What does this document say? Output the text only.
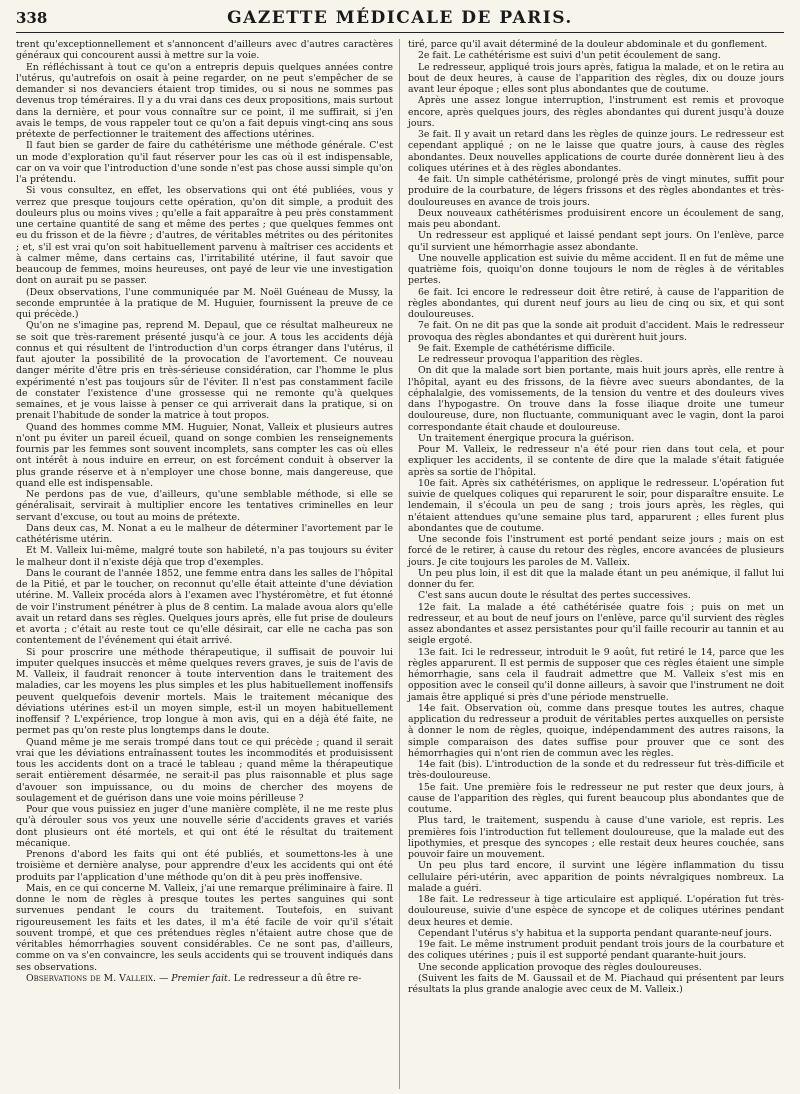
338	GAZETTE MÉDICALE DE PARIS.

trent qu'exceptionnellement et s'annoncent d'ailleurs avec d'autres caractères généraux qui concourent aussi à mettre sur la voie.

En réfléchissant à tout ce qu'on a entrepris depuis quelques années contre l'utérus, qu'autrefois on osait à peine regarder, on ne peut s'empêcher de se demander si nos devanciers étaient trop timides, ou si nous ne sommes pas devenus trop téméraires. Il y a du vrai dans ces deux propositions, mais surtout dans la dernière, et pour vous connaître sur ce point, il me suffirait, si j'en avais le temps, de vous rappeler tout ce qu'on a fait depuis vingt-cinq ans sous prétexte de perfectionner le traitement des affections utérines.

Il faut bien se garder de faire du cathétérisme une méthode générale. C'est un mode d'exploration qu'il faut réserver pour les cas où il est indispensable, car on va voir que l'introduction d'une sonde n'est pas chose aussi simple qu'on l'a prétendu.

Si vous consultez, en effet, les observations qui ont été publiées, vous y verrez que presque toujours cette opération, qu'on dit simple, a produit des douleurs plus ou moins vives ; qu'elle a fait apparaître à peu près constamment une certaine quantité de sang et même des pertes ; que quelques femmes ont eu du frisson et de la fièvre ; d'autres, de véritables métrites ou des péritonites ; et, s'il est vrai qu'on soit habituellement parvenu à maîtriser ces accidents et à calmer même, dans certains cas, l'irritabilité utérine, il faut savoir que beaucoup de femmes, moins heureuses, ont payé de leur vie une investigation dont on aurait pu se passer.

(Deux observations, l'une communiquée par M. Noël Guéneau de Mussy, la seconde empruntée à la pratique de M. Huguier, fournissent la preuve de ce qui précède.)

Qu'on ne s'imagine pas, reprend M. Depaul, que ce résultat malheureux ne se soit que très-rarement présenté jusqu'à ce jour. A tous les accidents déjà connus et qui résultent de l'introduction d'un corps étranger dans l'utérus, il faut ajouter la possibilité de la provocation de l'avortement. Ce nouveau danger mérite d'être pris en très-sérieuse considération, car l'homme le plus expérimenté n'est pas toujours sûr de l'éviter. Il n'est pas constamment facile de constater l'existence d'une grossesse qui ne remonte qu'à quelques semaines, et je vous laisse à penser ce qui arriverait dans la pratique, si on prenait l'habitude de sonder la matrice à tout propos.

Quand des hommes comme MM. Huguier, Nonat, Valleix et plusieurs autres n'ont pu éviter un pareil écueil, quand on songe combien les renseignements fournis par les femmes sont souvent incomplets, sans compter les cas où elles ont intérêt à nous induire en erreur, on est forcément conduit à observer la plus grande réserve et à n'employer une chose bonne, mais dangereuse, que quand elle est indispensable.

Ne perdons pas de vue, d'ailleurs, qu'une semblable méthode, si elle se généralisait, servirait à multiplier encore les tentatives criminelles en leur servant d'excuse, ou tout au moins de prétexte.

Dans deux cas, M. Nonat a eu le malheur de déterminer l'avortement par le cathétérisme utérin.

Et M. Valleix lui-même, malgré toute son habileté, n'a pas toujours su éviter le malheur dont il n'existe déjà que trop d'exemples.

Dans le courant de l'année 1852, une femme entra dans les salles de l'hôpital de la Pitié, et par le toucher, on reconnut qu'elle était atteinte d'une déviation utérine. M. Valleix procéda alors à l'examen avec l'hystéromètre, et fut étonné de voir l'instrument pénétrer à plus de 8 centim. La malade avoua alors qu'elle avait un retard dans ses règles. Quelques jours après, elle fut prise de douleurs et avorta ; c'était au reste tout ce qu'elle désirait, car elle ne cacha pas son contentement de l'événement qui était arrivé.

Si pour proscrire une méthode thérapeutique, il suffisait de pouvoir lui imputer quelques insuccès et même quelques revers graves, je suis de l'avis de M. Valleix, il faudrait renoncer à toute intervention dans le traitement des maladies, car les moyens les plus simples et les plus habituellement inoffensifs peuvent quelquefois devenir mortels. Mais le traitement mécanique des déviations utérines est-il un moyen simple, est-il un moyen habituellement inoffensif ? L'expérience, trop longue à mon avis, qui en a déjà été faite, ne permet pas qu'on reste plus longtemps dans le doute.

Quand même je me serais trompé dans tout ce qui précède ; quand il serait vrai que les déviations entraînassent toutes les incommodités et produisissent tous les accidents dont on a tracé le tableau ; quand même la thérapeutique serait entièrement désarmée, ne serait-il pas plus raisonnable et plus sage d'avouer son impuissance, ou du moins de chercher des moyens de soulagement et de guérison dans une voie moins périlleuse ?

Pour que vous puissiez en juger d'une manière complète, il ne me reste plus qu'à dérouler sous vos yeux une nouvelle série d'accidents graves et variés dont plusieurs ont été mortels, et qui ont été le résultat du traitement mécanique.

Prenons d'abord les faits qui ont été publiés, et soumettons-les à une troisième et dernière analyse, pour apprendre d'eux les accidents qui ont été produits par l'application d'une méthode qu'on dit à peu près inoffensive.

Mais, en ce qui concerne M. Valleix, j'ai une remarque préliminaire à faire. Il donne le nom de règles à presque toutes les pertes sanguines qui sont survenues pendant le cours du traitement. Toutefois, en suivant rigoureusement les faits et les dates, il m'a été facile de voir qu'il s'était souvent trompé, et que ces prétendues règles n'étaient autre chose que de véritables hémorrhagies souvent considérables. Ce ne sont pas, d'ailleurs, comme on va s'en convaincre, les seuls accidents qui se trouvent indiqués dans ses observations.

Observations de M. Valleix. — Premier fait. Le redresseur a dû être re-

tiré, parce qu'il avait déterminé de la douleur abdominale et du gonflement.

2e fait. Le cathétérisme est suivi d'un petit écoulement de sang.

Le redresseur, appliqué trois jours après, fatigua la malade, et on le retira au bout de deux heures, à cause de l'apparition des règles, dix ou douze jours avant leur époque ; elles sont plus abondantes que de coutume.

Après une assez longue interruption, l'instrument est remis et provoque encore, après quelques jours, des règles abondantes qui durent jusqu'à douze jours.

3e fait. Il y avait un retard dans les règles de quinze jours. Le redresseur est cependant appliqué ; on ne le laisse que quatre jours, à cause des règles abondantes. Deux nouvelles applications de courte durée donnèrent lieu à des coliques utérines et à des règles abondantes.

4e fait. Un simple cathétérisme, prolongé près de vingt minutes, suffit pour produire de la courbature, de légers frissons et des règles abondantes et très-douloureuses en avance de trois jours.

Deux nouveaux cathétérismes produisirent encore un écoulement de sang, mais peu abondant.

Un redresseur est appliqué et laissé pendant sept jours. On l'enlève, parce qu'il survient une hémorrhagie assez abondante.

Une nouvelle application est suivie du même accident. Il en fut de même une quatrième fois, quoiqu'on donne toujours le nom de règles à de véritables pertes.

6e fait. Ici encore le redresseur doit être retiré, à cause de l'apparition de règles abondantes, qui durent neuf jours au lieu de cinq ou six, et qui sont douloureuses.

7e fait. On ne dit pas que la sonde ait produit d'accident. Mais le redresseur provoqua des règles abondantes et qui durèrent huit jours.

9e fait. Exemple de cathétérisme difficile.

Le redresseur provoqua l'apparition des règles.

On dit que la malade sort bien portante, mais huit jours après, elle rentre à l'hôpital, ayant eu des frissons, de la fièvre avec sueurs abondantes, de la céphalalgie, des vomissements, de la tension du ventre et des douleurs vives dans l'hypogastre. On trouve dans la fosse iliaque droite une tumeur douloureuse, dure, non fluctuante, communiquant avec le vagin, dont la paroi correspondante était chaude et douloureuse.

Un traitement énergique procura la guérison.

Pour M. Valleix, le redresseur n'a été pour rien dans tout cela, et pour expliquer les accidents, il se contente de dire que la malade s'était fatiguée après sa sortie de l'hôpital.

10e fait. Après six cathétérismes, on applique le redresseur. L'opération fut suivie de quelques coliques qui reparurent le soir, pour disparaître ensuite. Le lendemain, il s'écoula un peu de sang ; trois jours après, les règles, qui n'étaient attendues qu'une semaine plus tard, apparurent ; elles furent plus abondantes que de coutume.

Une seconde fois l'instrument est porté pendant seize jours ; mais on est forcé de le retirer, à cause du retour des règles, encore avancées de plusieurs jours. Je cite toujours les paroles de M. Valleix.

Un peu plus loin, il est dit que la malade étant un peu anémique, il fallut lui donner du fer.

C'est sans aucun doute le résultat des pertes successives.

12e fait. La malade a été cathétérisée quatre fois ; puis on met un redresseur, et au bout de neuf jours on l'enlève, parce qu'il survient des règles assez abondantes et assez persistantes pour qu'il faille recourir au tannin et au seigle ergoté.

13e fait. Ici le redresseur, introduit le 9 août, fut retiré le 14, parce que les règles apparurent. Il est permis de supposer que ces règles étaient une simple hémorrhagie, sans cela il faudrait admettre que M. Valleix s'est mis en opposition avec le conseil qu'il donne ailleurs, à savoir que l'instrument ne doit jamais être appliqué si près d'une période menstruelle.

14e fait. Observation où, comme dans presque toutes les autres, chaque application du redresseur a produit de véritables pertes auxquelles on persiste à donner le nom de règles, quoique, indépendamment des autres raisons, la simple comparaison des dates suffise pour prouver que ce sont des hémorrhagies qui n'ont rien de commun avec les règles.

14e fait (bis). L'introduction de la sonde et du redresseur fut très-difficile et très-douloureuse.

15e fait. Une première fois le redresseur ne put rester que deux jours, à cause de l'apparition des règles, qui furent beaucoup plus abondantes que de coutume.

Plus tard, le traitement, suspendu à cause d'une variole, est repris. Les premières fois l'introduction fut tellement douloureuse, que la malade eut des lipothymies, et presque des syncopes ; elle restait deux heures couchée, sans pouvoir faire un mouvement.

Un peu plus tard encore, il survint une légère inflammation du tissu cellulaire péri-utérin, avec apparition de points névralgiques nombreux. La malade a guéri.

18e fait. Le redresseur à tige articulaire est appliqué. L'opération fut très-douloureuse, suivie d'une espèce de syncope et de coliques utérines pendant deux heures et demie.

Cependant l'utérus s'y habitua et la supporta pendant quarante-neuf jours.

19e fait. Le même instrument produit pendant trois jours de la courbature et des coliques utérines ; puis il est supporté pendant quarante-huit jours.

Une seconde application provoque des règles douloureuses.

(Suivent les faits de M. Gaussail et de M. Piachaud qui présentent par leurs résultats la plus grande analogie avec ceux de M. Valleix.)
